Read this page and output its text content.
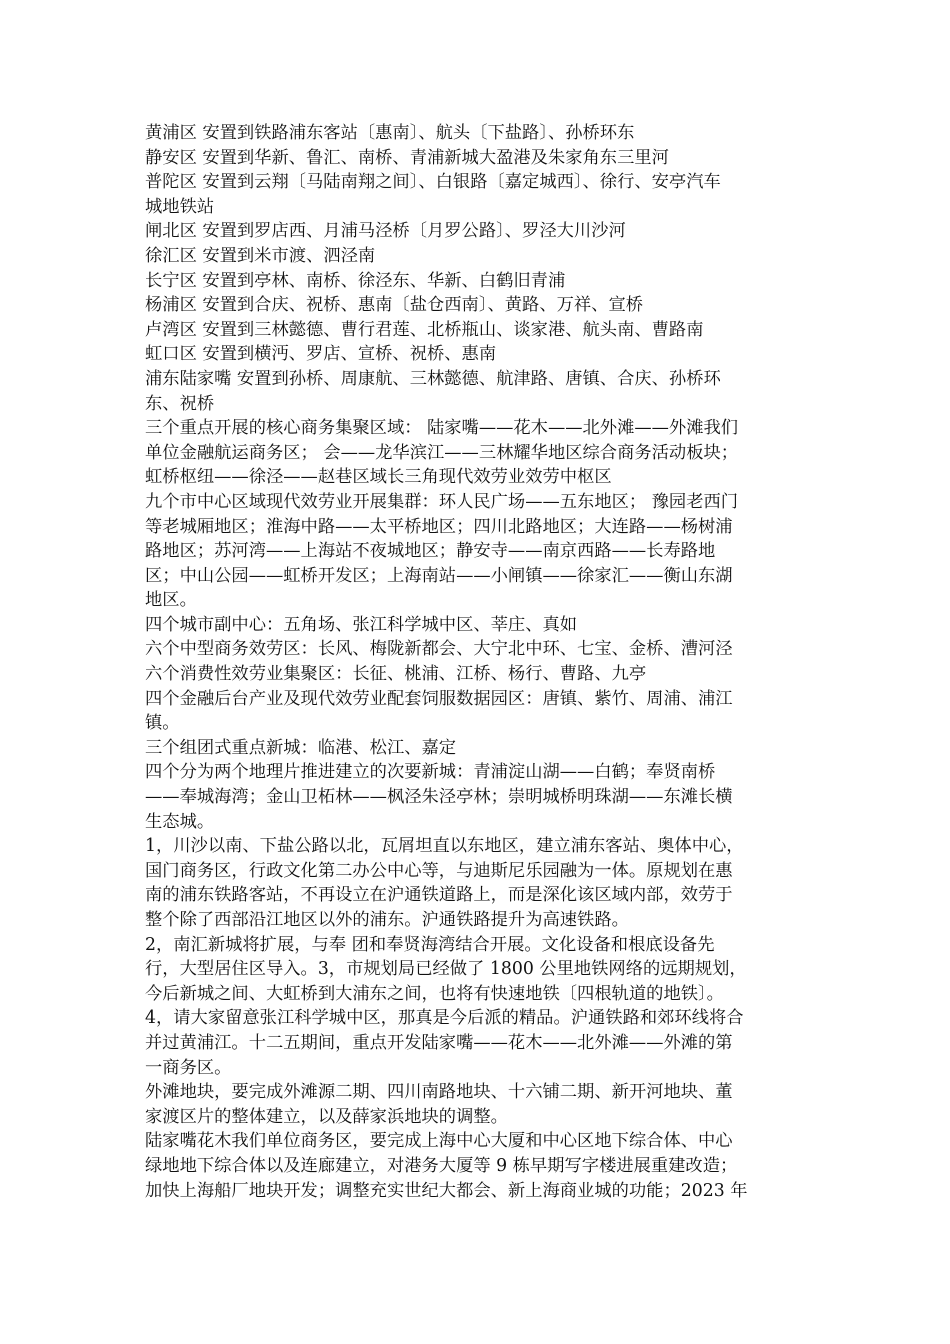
黄浦区 安置到铁路浦东客站〔惠南〕、航头〔下盐路〕、孙桥环东
静安区 安置到华新、鲁汇、南桥、青浦新城大盈港及朱家角东三里河
普陀区 安置到云翔〔马陆南翔之间〕、白银路〔嘉定城西〕、徐行、安亭汽车
城地铁站
闸北区 安置到罗店西、月浦马泾桥〔月罗公路〕、罗泾大川沙河
徐汇区 安置到米市渡、泗泾南
长宁区 安置到亭林、南桥、徐泾东、华新、白鹤旧青浦
杨浦区 安置到合庆、祝桥、惠南〔盐仓西南〕、黄路、万祥、宣桥
卢湾区 安置到三林懿德、曹行君莲、北桥瓶山、谈家港、航头南、曹路南
虹口区 安置到横沔、罗店、宣桥、祝桥、惠南
浦东陆家嘴 安置到孙桥、周康航、三林懿德、航津路、唐镇、合庆、孙桥环
东、祝桥
三个重点开展的核心商务集聚区域： 陆家嘴——花木——北外滩——外滩我们
单位金融航运商务区； 会——龙华滨江——三林耀华地区综合商务活动板块；
虹桥枢纽——徐泾——赵巷区域长三角现代效劳业效劳中枢区
九个市中心区域现代效劳业开展集群：环人民广场——五东地区； 豫园老西门
等老城厢地区；淮海中路——太平桥地区；四川北路地区；大连路——杨树浦
路地区；苏河湾——上海站不夜城地区；静安寺——南京西路——长寿路地
区；中山公园——虹桥开发区；上海南站——小闸镇——徐家汇——衡山东湖
地区。
四个城市副中心：五角场、张江科学城中区、莘庄、真如
六个中型商务效劳区：长风、梅陇新都会、大宁北中环、七宝、金桥、漕河泾
六个消费性效劳业集聚区：长征、桃浦、江桥、杨行、曹路、九亭
四个金融后台产业及现代效劳业配套饲服数据园区：唐镇、紫竹、周浦、浦江
镇。
三个组团式重点新城：临港、松江、嘉定
四个分为两个地理片推进建立的次要新城：青浦淀山湖——白鹤；奉贤南桥
——奉城海湾；金山卫柘林——枫泾朱泾亭林；崇明城桥明珠湖——东滩长横
生态城。
1，川沙以南、下盐公路以北，瓦屑坦直以东地区，建立浦东客站、奥体中心，
国门商务区，行政文化第二办公中心等，与迪斯尼乐园融为一体。原规划在惠
南的浦东铁路客站，不再设立在沪通铁道路上，而是深化该区域内部，效劳于
整个除了西部沿江地区以外的浦东。沪通铁路提升为高速铁路。
2，南汇新城将扩展，与奉 团和奉贤海湾结合开展。文化设备和根底设备先
行，大型居住区导入。3，市规划局已经做了 1800 公里地铁网络的远期规划，
今后新城之间、大虹桥到大浦东之间，也将有快速地铁〔四根轨道的地铁〕。
4，请大家留意张江科学城中区，那真是今后派的精品。沪通铁路和郊环线将合
并过黄浦江。十二五期间，重点开发陆家嘴——花木——北外滩——外滩的第
一商务区。
外滩地块，要完成外滩源二期、四川南路地块、十六铺二期、新开河地块、董
家渡区片的整体建立，以及薛家浜地块的调整。
陆家嘴花木我们单位商务区，要完成上海中心大厦和中心区地下综合体、中心
绿地地下综合体以及连廊建立，对港务大厦等 9 栋早期写字楼进展重建改造；
加快上海船厂地块开发；调整充实世纪大都会、新上海商业城的功能；2023 年
